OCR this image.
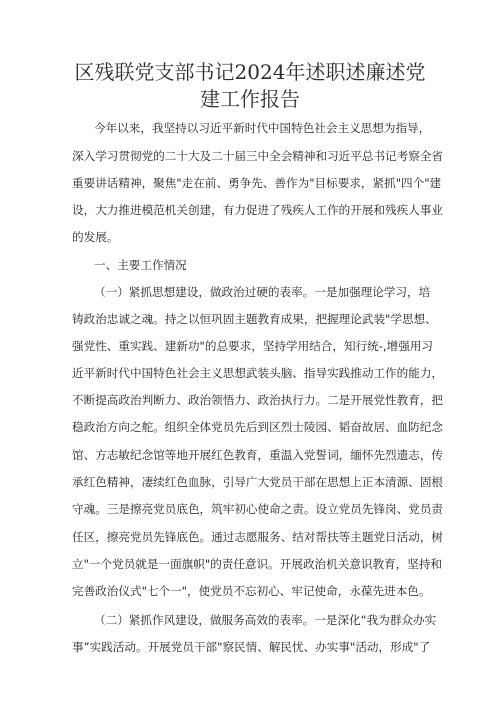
区残联党支部书记2024年述职述廉述党
建工作报告
今年以来，我坚持以习近平新时代中国特色社会主义思想为指导，
深入学习贯彻党的二十大及二十届三中全会精神和习近平总书记考察全省
重要讲话精神，聚焦"走在前、勇争先、善作为"目标要求，紧抓"四个"建
设，大力推进模范机关创建，有力促进了残疾人工作的开展和残疾人事业
的发展。
一、主要工作情况
（一）紧抓思想建设，做政治过硬的表率。一是加强理论学习，培
铸政治忠诚之魂。持之以恒巩固主题教育成果，把握理论武装"学思想、
强党性、重实践、建新功"的总要求，坚持学用结合，知行统-,增强用习
近平新时代中国特色社会主义思想武装头脑、指导实践推动工作的能力，
不断提高政治判断力、政治领悟力、政治执行力。二是开展党性教育，把
稳政治方向之舵。组织全体党员先后到区烈士陵园、韬奋故居、血防纪念
馆、方志敏纪念馆等地开展红色教育，重温入党誓词，缅怀先烈遗志，传
承红色精神，凄续红色血脉，引导广大党员干部在思想上正本清源、固根
守魂。三是擦亮党员底色，筑牢初心使命之责。设立党员先锋岗、党员责
任区，擦亮党员先锋底色。通过志愿服务、结对帮扶等主题党日活动，树
立"一个党员就是一面旗帜"的责任意识。开展政治机关意识教育，坚持和
完善政治仪式"七个一"，使党员不忘初心、牢记使命，永葆先进本色。
（二）紧抓作风建设，做服务高效的表率。一是深化“我为群众办实
事”实践活动。开展党员干部"察民情、解民忧、办实事"活动，形成"了
